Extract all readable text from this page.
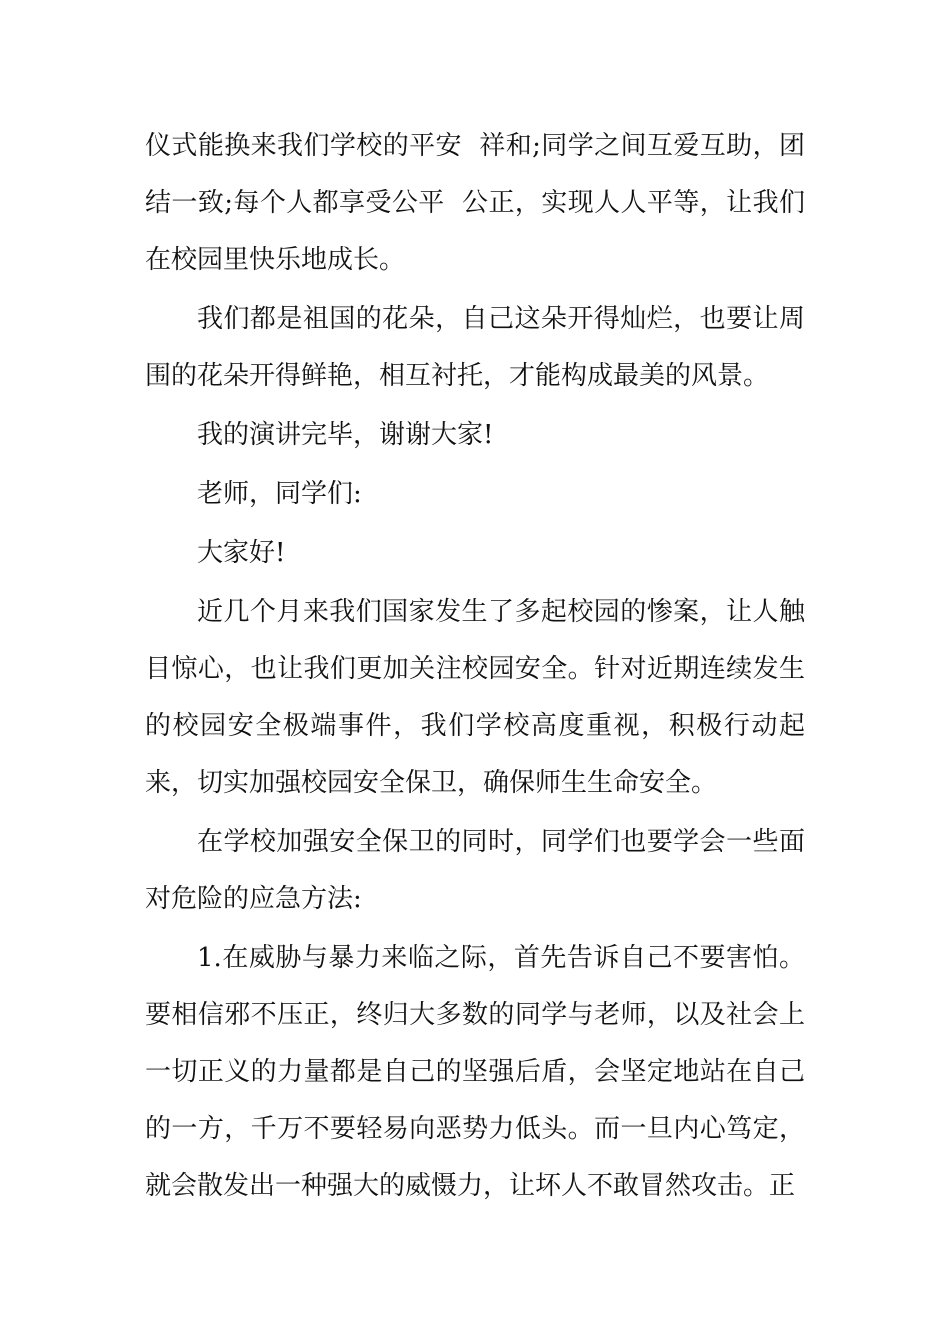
仪式能换来我们学校的平安  祥和;同学之间互爱互助，团结一致;每个人都享受公平  公正，实现人人平等，让我们在校园里快乐地成长。

我们都是祖国的花朵，自己这朵开得灿烂，也要让周围的花朵开得鲜艳，相互衬托，才能构成最美的风景。

我的演讲完毕，谢谢大家!

老师，同学们:

大家好!

近几个月来我们国家发生了多起校园的惨案，让人触目惊心，也让我们更加关注校园安全。针对近期连续发生的校园安全极端事件，我们学校高度重视，积极行动起来，切实加强校园安全保卫，确保师生生命安全。

在学校加强安全保卫的同时，同学们也要学会一些面对危险的应急方法:

1.在威胁与暴力来临之际，首先告诉自己不要害怕。要相信邪不压正，终归大多数的同学与老师，以及社会上一切正义的力量都是自己的坚强后盾，会坚定地站在自己的一方，千万不要轻易向恶势力低头。而一旦内心笃定，就会散发出一种强大的威慑力，让坏人不敢冒然攻击。正
